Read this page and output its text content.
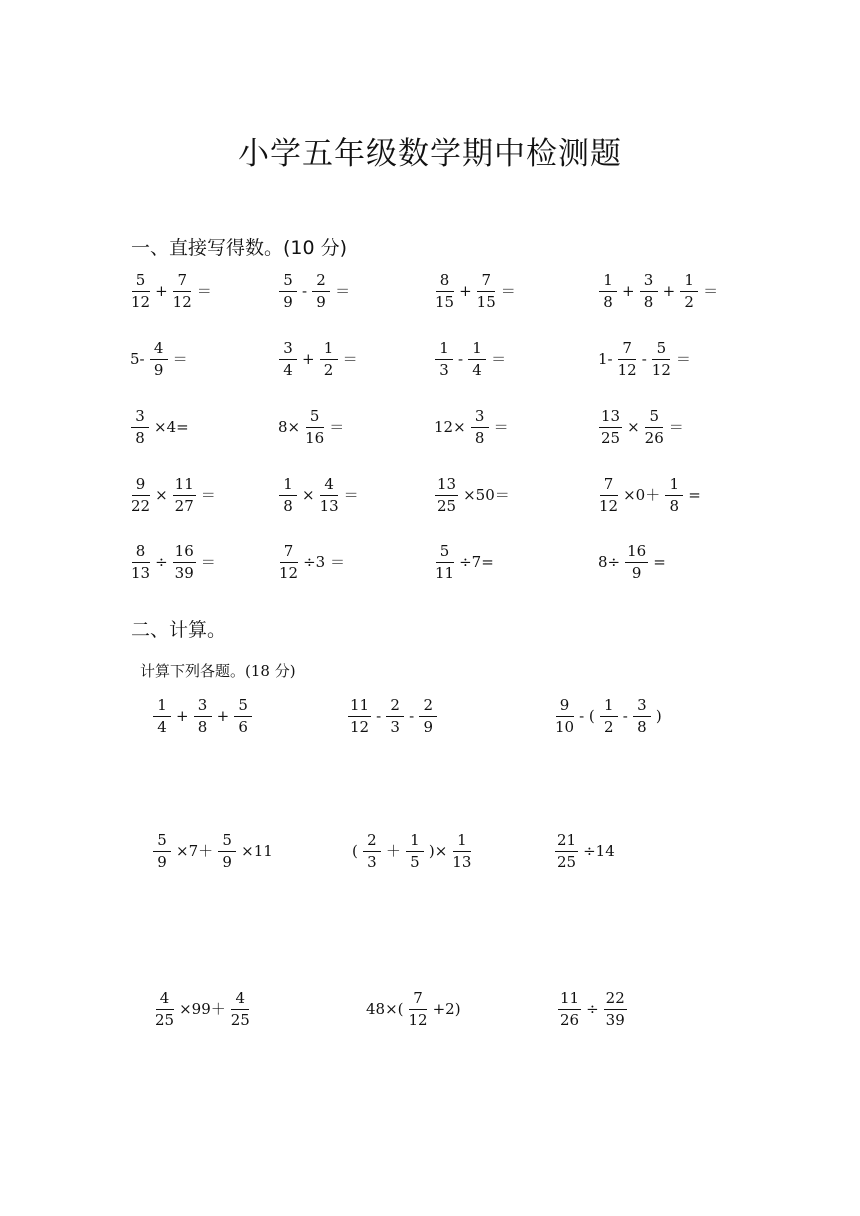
小学五年级数学期中检测题
一、直接写得数。(10 分)
$\frac{5}{12} + \frac{7}{12}$ ＝	$\frac{5}{9} - \frac{2}{9}$ ＝	$\frac{8}{15} + \frac{7}{15}$ ＝	$\frac{1}{8} + \frac{3}{8} + \frac{1}{2}$ ＝
$5- \frac{4}{9}$ ＝	$\frac{3}{4} + \frac{1}{2}$ ＝	$\frac{1}{3} - \frac{1}{4}$ ＝	$1- \frac{7}{12} - \frac{5}{12}$ ＝
$\frac{3}{8} \times 4=$	$8\times \frac{5}{16}$ ＝	$12\times \frac{3}{8}$ ＝	$\frac{13}{25} \times \frac{5}{26}$ ＝
$\frac{9}{22} \times \frac{11}{27}$ ＝	$\frac{1}{8} \times \frac{4}{13}$ ＝	$\frac{13}{25} \times 50=$	$\frac{7}{12} \times 0+ \frac{1}{8}$ =
$\frac{8}{13} \div \frac{16}{39}$ ＝	$\frac{7}{12} \div 3$ ＝	$\frac{5}{11} \div 7=$	$8\div \frac{16}{9}$ =
二、计算。
计算下列各题。(18 分)
$\frac{1}{4} + \frac{3}{8} + \frac{5}{6}$	$\frac{11}{12} - \frac{2}{3} - \frac{2}{9}$	$\frac{9}{10}$ - ( $\frac{1}{2} - \frac{3}{8}$ )
$\frac{5}{9} \times 7+ \frac{5}{9} \times 11$	( $\frac{2}{3} + \frac{1}{5}$ )× $\frac{1}{13}$	$\frac{21}{25} \div 14$
$\frac{4}{25} \times 99+ \frac{4}{25}$	$48\times( \frac{7}{12} +2)$	$\frac{11}{26} \div \frac{22}{39}$
